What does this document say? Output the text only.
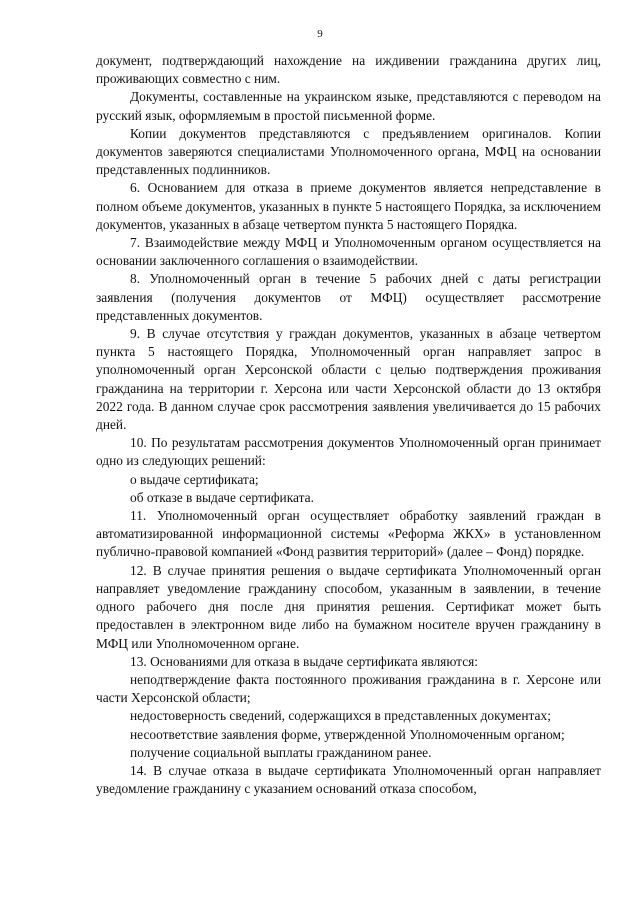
9

документ, подтверждающий нахождение на иждивении гражданина других лиц, проживающих совместно с ним.

Документы, составленные на украинском языке, представляются с переводом на русский язык, оформляемым в простой письменной форме.

Копии документов представляются с предъявлением оригиналов. Копии документов заверяются специалистами Уполномоченного органа, МФЦ на основании представленных подлинников.

6. Основанием для отказа в приеме документов является непредставление в полном объеме документов, указанных в пункте 5 настоящего Порядка, за исключением документов, указанных в абзаце четвертом пункта 5 настоящего Порядка.

7. Взаимодействие между МФЦ и Уполномоченным органом осуществляется на основании заключенного соглашения о взаимодействии.

8. Уполномоченный орган в течение 5 рабочих дней с даты регистрации заявления (получения документов от МФЦ) осуществляет рассмотрение представленных документов.

9. В случае отсутствия у граждан документов, указанных в абзаце четвертом пункта 5 настоящего Порядка, Уполномоченный орган направляет запрос в уполномоченный орган Херсонской области с целью подтверждения проживания гражданина на территории г. Херсона или части Херсонской области до 13 октября 2022 года. В данном случае срок рассмотрения заявления увеличивается до 15 рабочих дней.

10. По результатам рассмотрения документов Уполномоченный орган принимает одно из следующих решений:

о выдаче сертификата;

об отказе в выдаче сертификата.

11. Уполномоченный орган осуществляет обработку заявлений граждан в автоматизированной информационной системы «Реформа ЖКХ» в установленном публично-правовой компанией «Фонд развития территорий» (далее – Фонд) порядке.

12. В случае принятия решения о выдаче сертификата Уполномоченный орган направляет уведомление гражданину способом, указанным в заявлении, в течение одного рабочего дня после дня принятия решения. Сертификат может быть предоставлен в электронном виде либо на бумажном носителе вручен гражданину в МФЦ или Уполномоченном органе.

13. Основаниями для отказа в выдаче сертификата являются:

неподтверждение факта постоянного проживания гражданина в г. Херсоне или части Херсонской области;

недостоверность сведений, содержащихся в представленных документах;

несоответствие заявления форме, утвержденной Уполномоченным органом;

получение социальной выплаты гражданином ранее.

14. В случае отказа в выдаче сертификата Уполномоченный орган направляет уведомление гражданину с указанием оснований отказа способом,
